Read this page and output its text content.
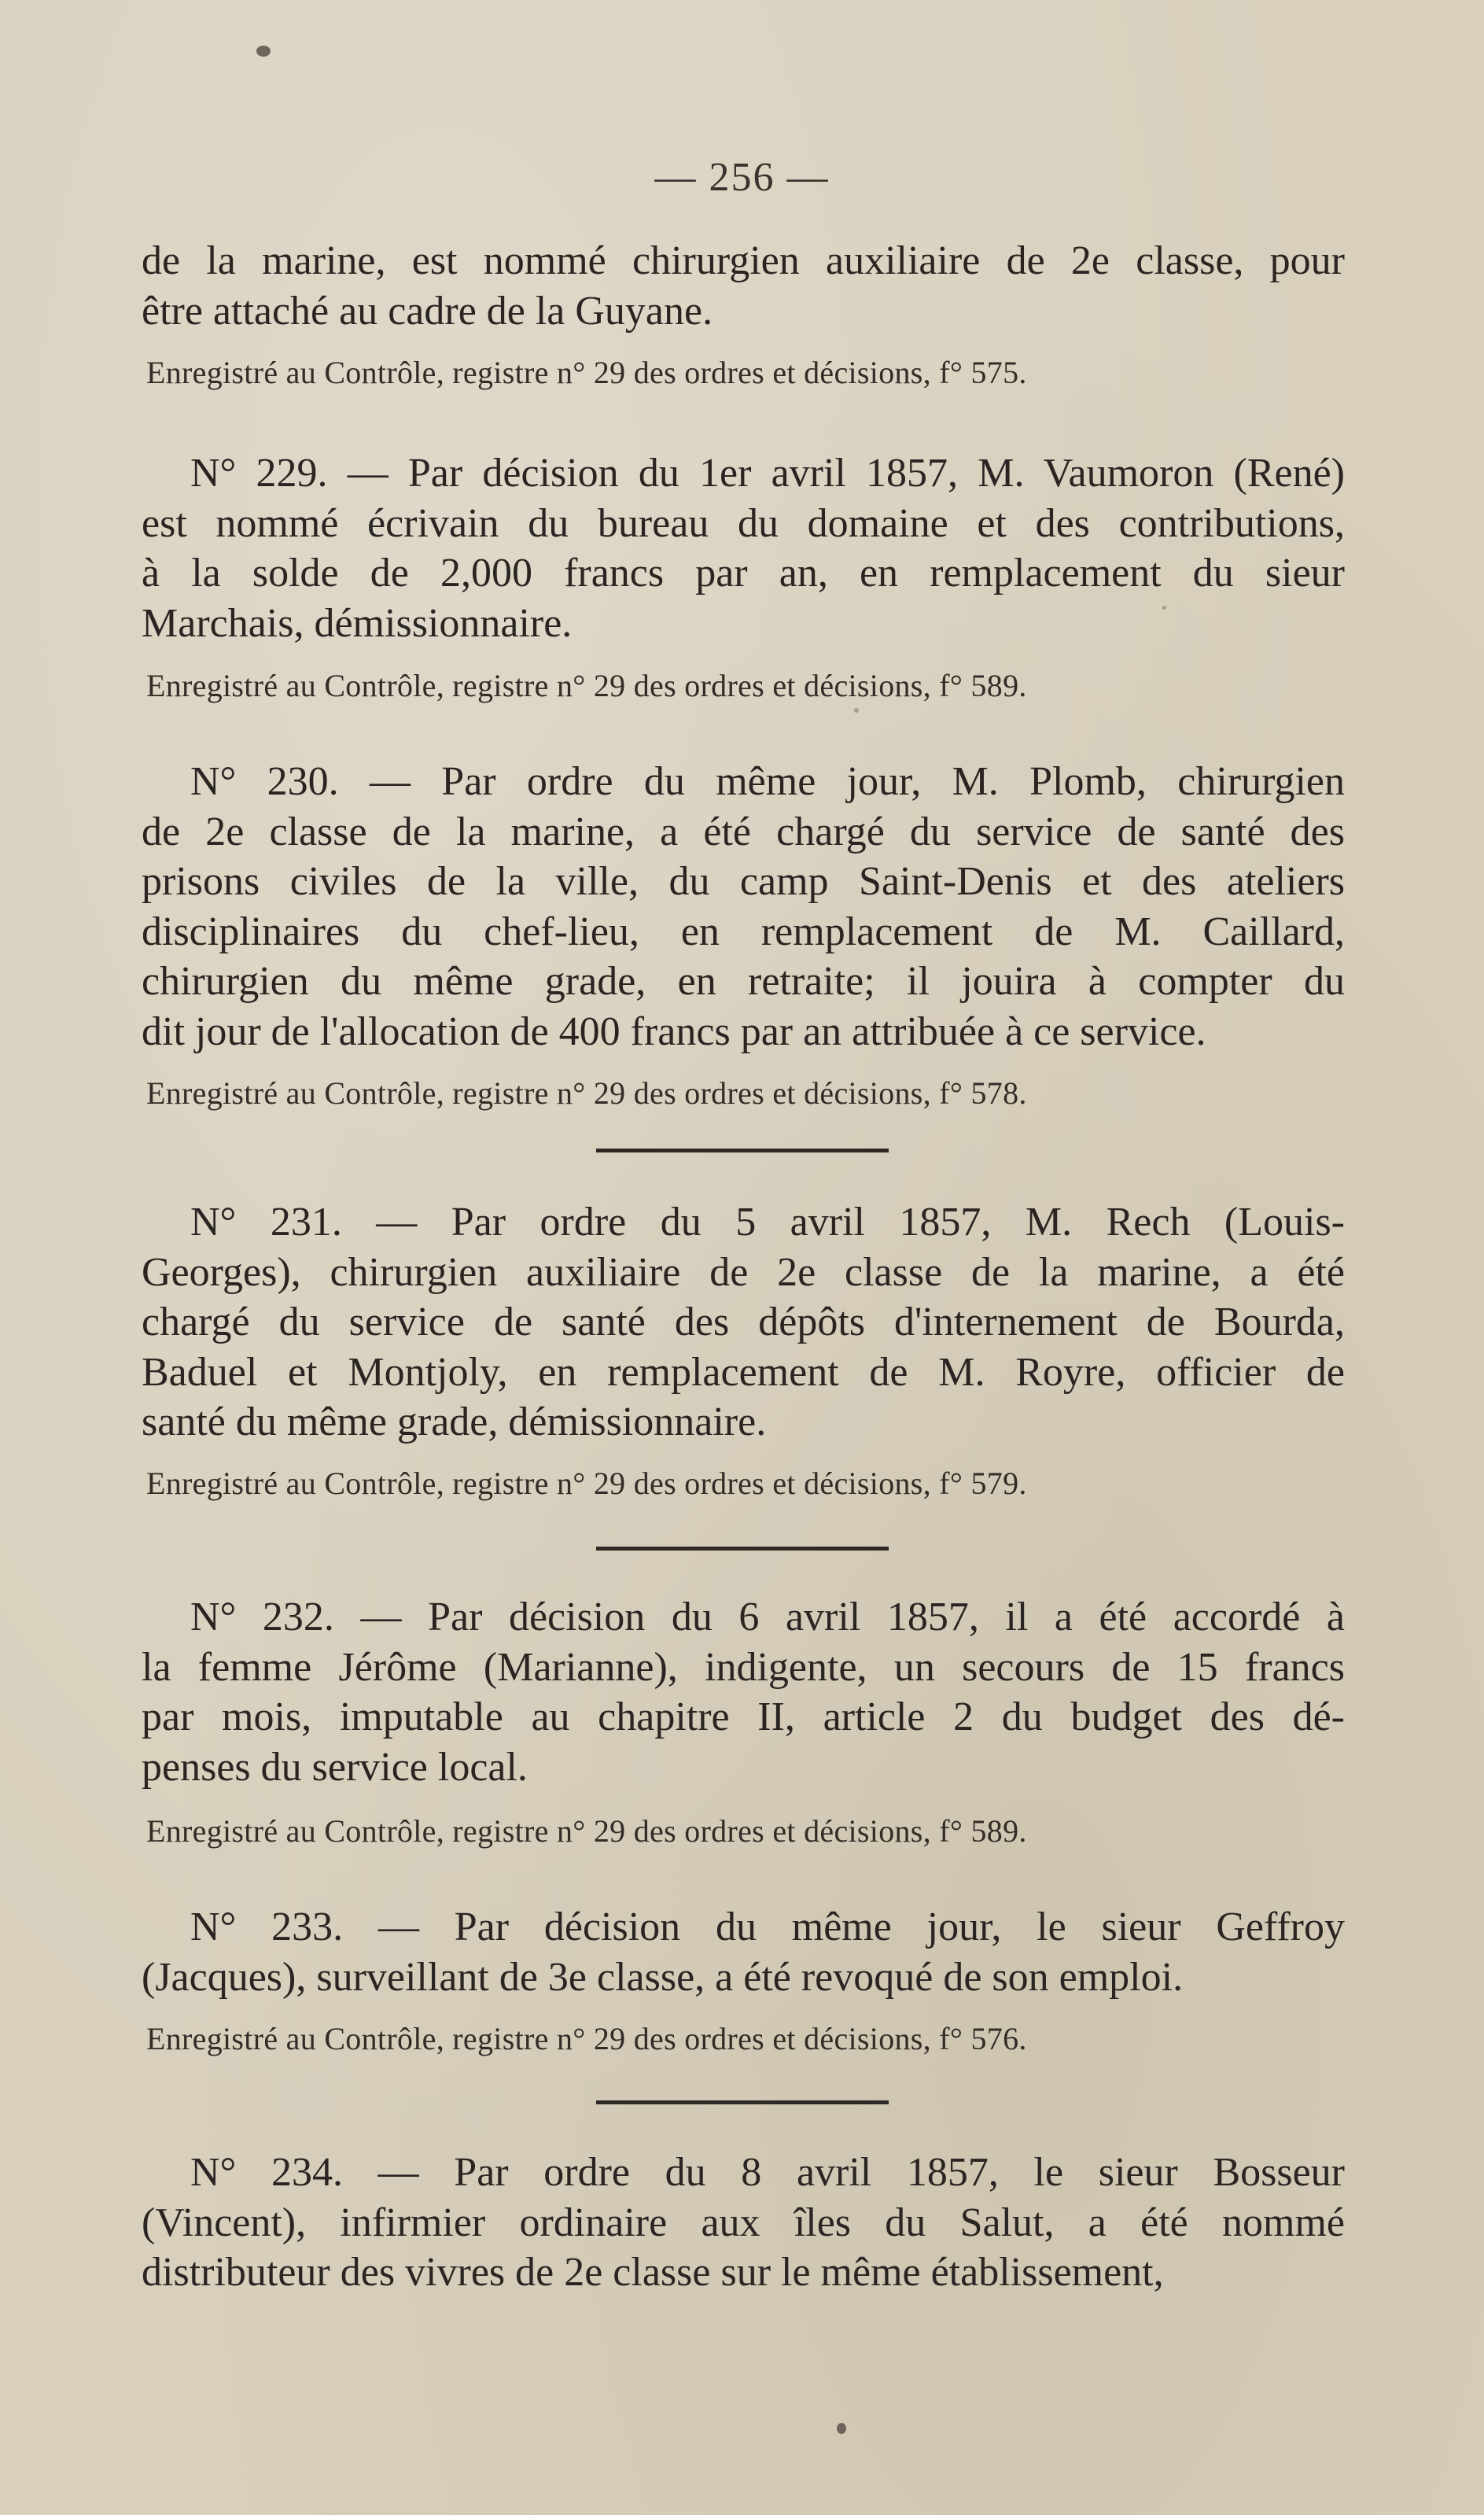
— 256 —
de la marine, est nommé chirurgien auxiliaire de 2e classe, pour
être attaché au cadre de la Guyane.
Enregistré au Contrôle, registre n° 29 des ordres et décisions, f° 575.
N° 229. — Par décision du 1er avril 1857, M. Vaumoron (René)
est nommé écrivain du bureau du domaine et des contributions,
à la solde de 2,000 francs par an, en remplacement du sieur
Marchais, démissionnaire.
Enregistré au Contrôle, registre n° 29 des ordres et décisions, f° 589.
N° 230. — Par ordre du même jour, M. Plomb, chirurgien
de 2e classe de la marine, a été chargé du service de santé des
prisons civiles de la ville, du camp Saint-Denis et des ateliers
disciplinaires du chef-lieu, en remplacement de M. Caillard,
chirurgien du même grade, en retraite; il jouira à compter du
dit jour de l'allocation de 400 francs par an attribuée à ce service.
Enregistré au Contrôle, registre n° 29 des ordres et décisions, f° 578.
N° 231. — Par ordre du 5 avril 1857, M. Rech (Louis-
Georges), chirurgien auxiliaire de 2e classe de la marine, a été
chargé du service de santé des dépôts d'internement de Bourda,
Baduel et Montjoly, en remplacement de M. Royre, officier de
santé du même grade, démissionnaire.
Enregistré au Contrôle, registre n° 29 des ordres et décisions, f° 579.
N° 232. — Par décision du 6 avril 1857, il a été accordé à
la femme Jérôme (Marianne), indigente, un secours de 15 francs
par mois, imputable au chapitre II, article 2 du budget des dé-
penses du service local.
Enregistré au Contrôle, registre n° 29 des ordres et décisions, f° 589.
N° 233. — Par décision du même jour, le sieur Geffroy
(Jacques), surveillant de 3e classe, a été revoqué de son emploi.
Enregistré au Contrôle, registre n° 29 des ordres et décisions, f° 576.
N° 234. — Par ordre du 8 avril 1857, le sieur Bosseur
(Vincent), infirmier ordinaire aux îles du Salut, a été nommé
distributeur des vivres de 2e classe sur le même établissement,
